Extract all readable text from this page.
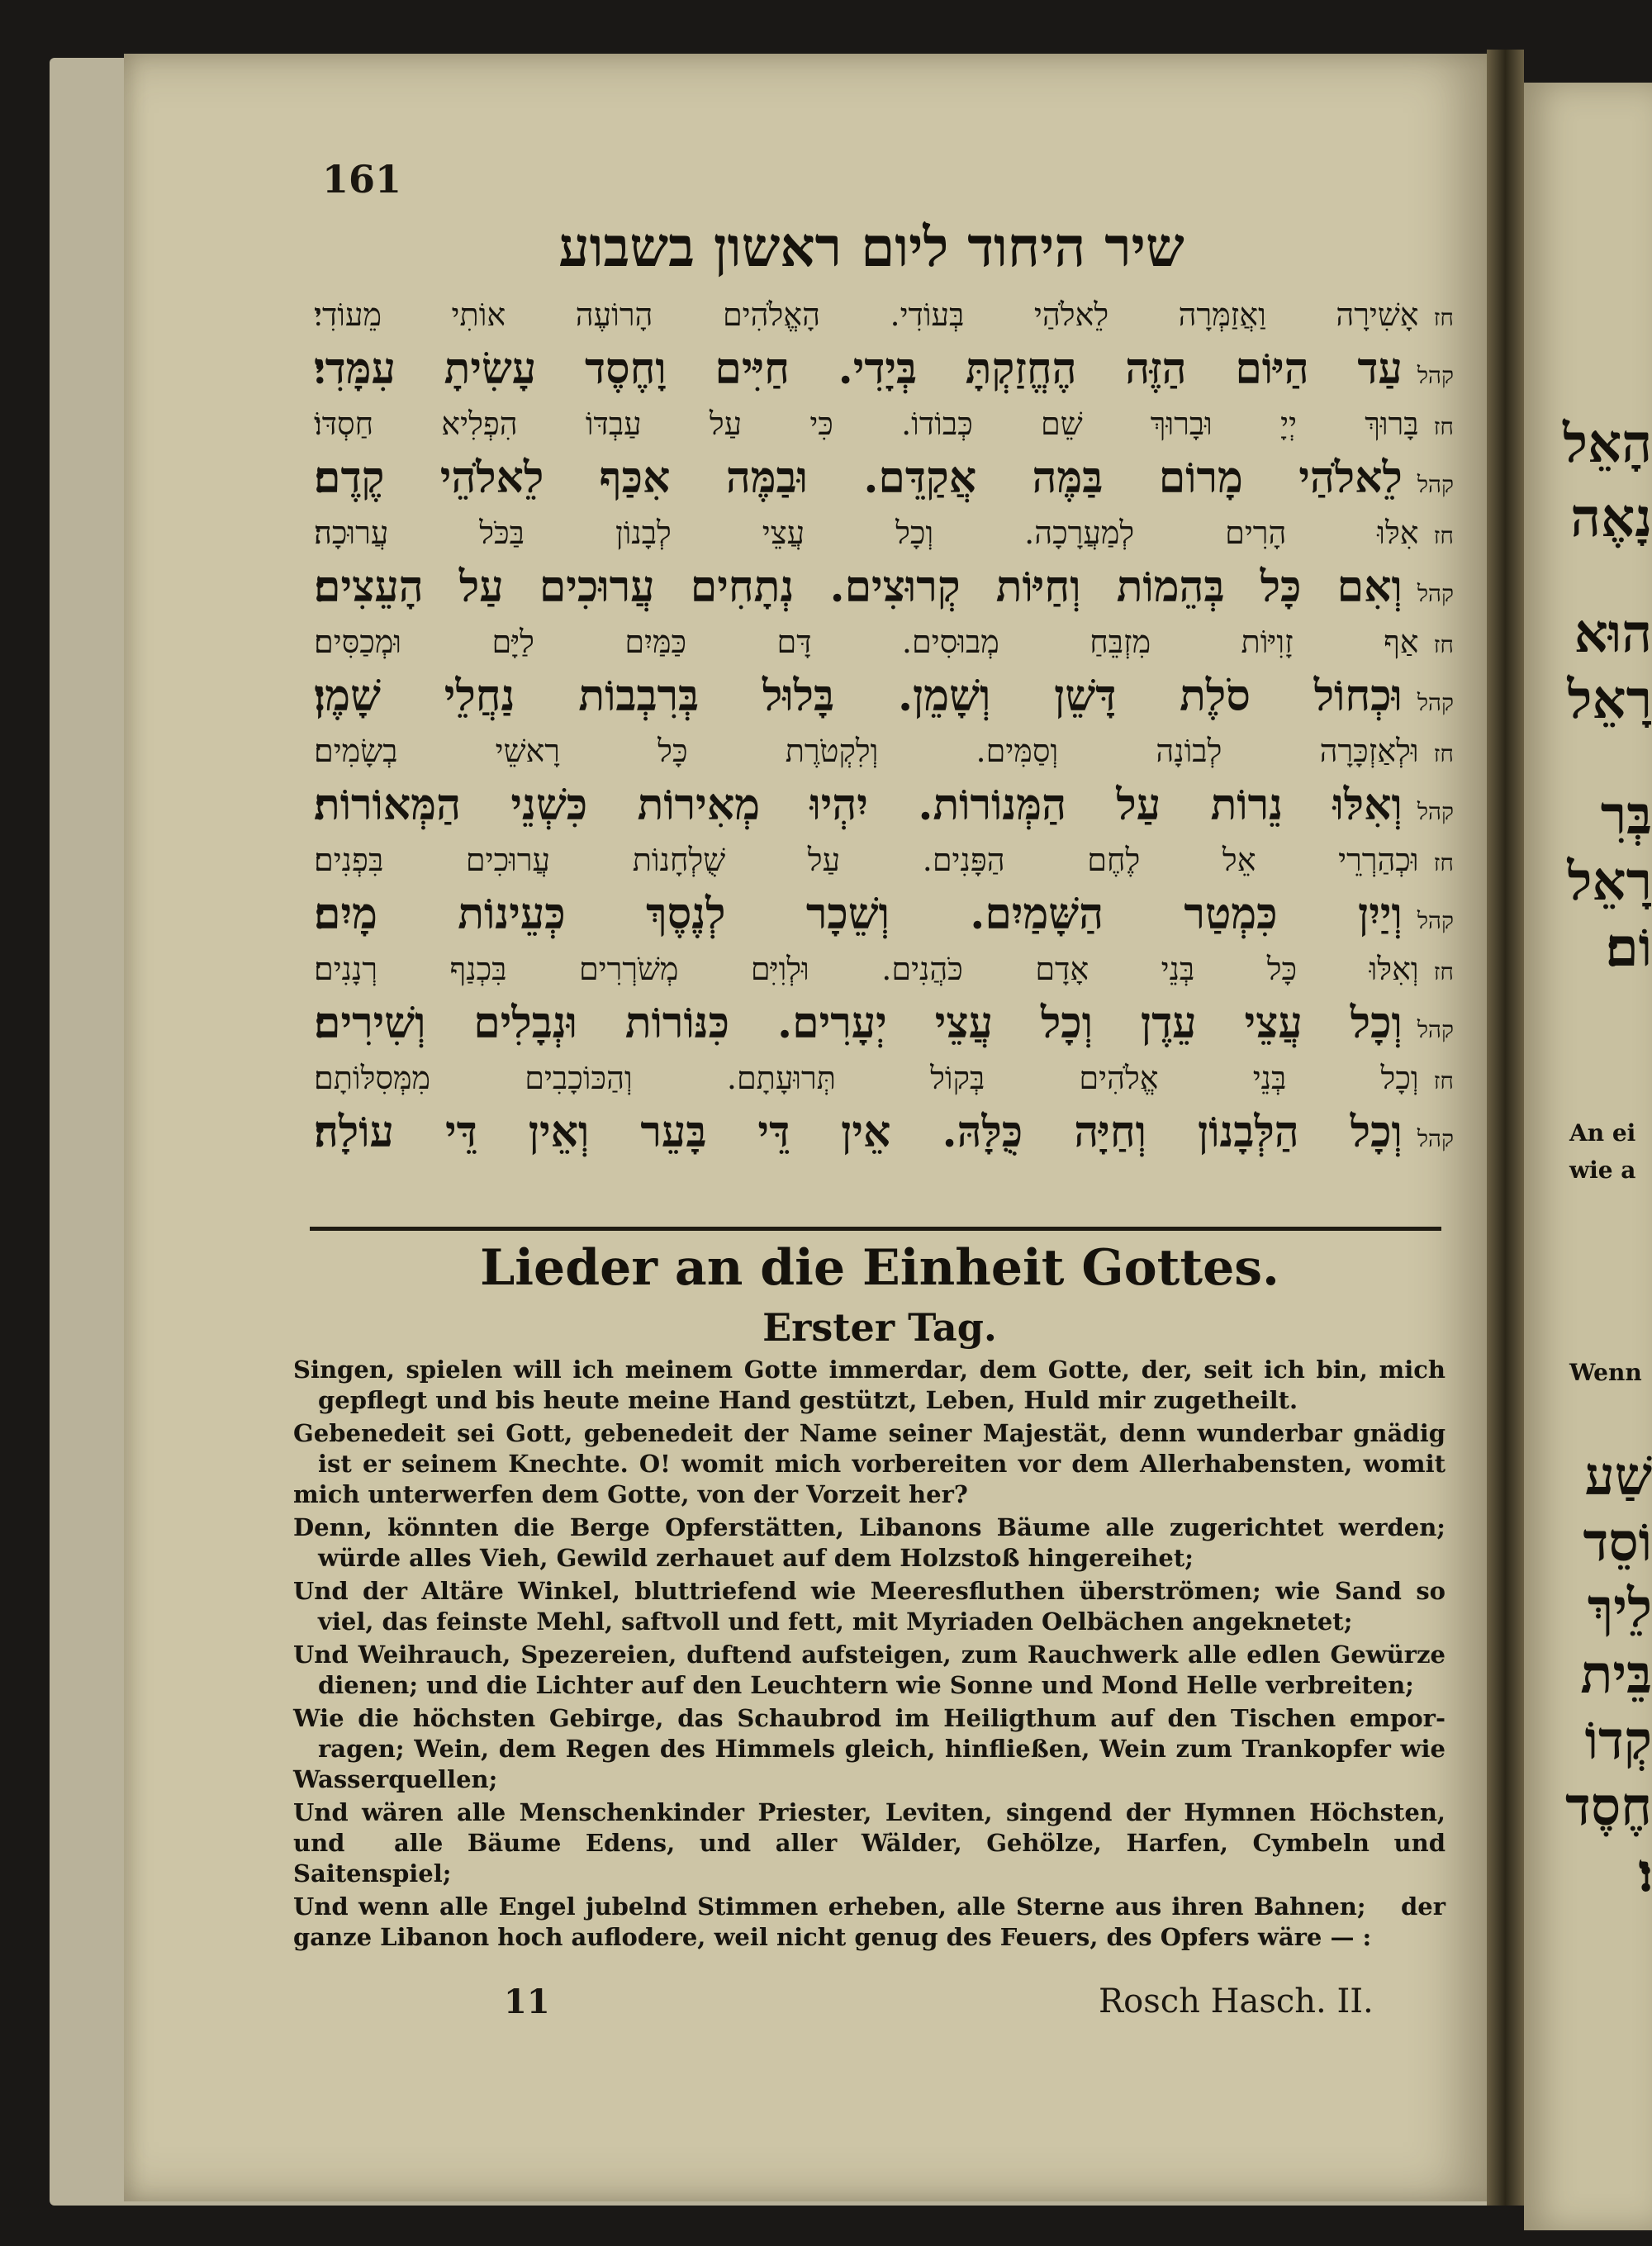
הָאֵל
נָאֶה
הוּא
רָאֵל
בְּרִ
רָאֵל
וֹם׃
An ei
wie a
Wenn
שַׁע
וֹסֵד
לֵיךְ
בֵּית
קְדוֹ
חֶסֶד
ו׃
161
שיר היחוד ליום ראשון בשבוע
חזאָשִׁירָה וַאֲזַמְּרָה לֵאלֹהַי בְּעוֹדִי. הָאֱלֹהִים הָרוֹעֶה אוֹתִי מֵעוֹדִי׃
קהלעַד הַיּוֹם הַזֶּה הֶחֱזַקְתָּ בְּיָדִי. חַיִּים וָחֶסֶד עָשִׂיתָ עִמָּדִי׃
חזבָּרוּךְ יְיָ וּבָרוּךְ שֵׁם כְּבוֹדוֹ. כִּי עַל עַבְדּוֹ הִפְלִיא חַסְדּוֹ׃
קהללֵאלֹהַי מָרוֹם בַּמֶּה אֲקַדֵּם. וּבַמֶּה אִכַּף לֵאלֹהֵי קֶדֶם׃
חזאִלּוּ הָרִים לְמַעֲרָכָה. וְכָל עֲצֵי לְבָנוֹן בַּכֹּל עֲרוּכָה׃
קהלוְאִם כָּל בְּהֵמוֹת וְחַיּוֹת קְרוּצִים. נְתָחִים עֲרוּכִים עַל הָעֵצִים׃
חזאַף זָוִיּוֹת מִזְבֵּחַ מְבוּסִים. דָּם כַּמַּיִם לַיָּם וּמְכַסִּים׃
קהלוּכְחוֹל סֹלֶת דָּשֵׁן וְשָׁמֵן. בָּלוּל בְּרִבְבוֹת נַחֲלֵי שָׁמֶן׃
חזוּלְאַזְכָּרָה לְבוֹנָה וְסַמִּים. וְלִקְטֹרֶת כָּל רָאשֵׁי בְשָׂמִים׃
קהלוְאִלּוּ נֵרוֹת עַל הַמְּנוֹרוֹת. יִהְיוּ מְאִירוֹת כִּשְׁנֵי הַמְּאוֹרוֹת׃
חזוּכְהַרְרֵי אֵל לֶחֶם הַפָּנִים. עַל שֻׁלְחָנוֹת עֲרוּכִים בִּפְנִים׃
קהלוְיַיִן כִּמְטַר הַשָּׁמַיִם. וְשֵׁכָר לְנֶסֶךְ כְּעֵינוֹת מָיִם׃
חזוְאִלּוּ כָּל בְּנֵי אָדָם כֹּהֲנִים. וּלְוִיִּם מְשֹׁרְרִים בִּכְנַף רְנָנִים׃
קהלוְכָל עֲצֵי עֵדֶן וְכָל עֲצֵי יְעָרִים. כִּנּוֹרוֹת וּנְבָלִים וְשִׁירִים׃
חזוְכָל בְּנֵי אֱלֹהִים בְּקוֹל תְּרוּעָתָם. וְהַכּוֹכָבִים מִמְּסִלּוֹתָם׃
קהלוְכָל הַלְּבָנוֹן וְחַיָּה כֻּלָּהּ. אֵין דֵּי בָּעֵר וְאֵין דֵּי עוֹלָה׃
Lieder an die Einheit Gottes.
Erster Tag.
Singen, spielen will ich meinem Gotte immerdar, dem Gotte, der, seit ich bin, mich gepflegt und bis heute meine Hand gestützt, Leben, Huld mir zugetheilt.
Gebenedeit sei Gott, gebenedeit der Name seiner Majestät, denn wunderbar gnädig ist er seinem Knechte. O! womit mich vorbereiten vor dem Allerhabensten, womit mich unterwerfen dem Gotte, von der Vorzeit her?
Denn, könnten die Berge Opferstätten, Libanons Bäume alle zugerichtet werden; würde alles Vieh, Gewild zerhauet auf dem Holzstoß hingereihet;
Und der Altäre Winkel, bluttriefend wie Meeresfluthen überströmen; wie Sand so viel, das feinste Mehl, saftvoll und fett, mit Myriaden Oelbächen angeknetet;
Und Weihrauch, Spezereien, duftend aufsteigen, zum Rauchwerk alle edlen Gewürze dienen; und die Lichter auf den Leuchtern wie Sonne und Mond Helle verbreiten;
Wie die höchsten Gebirge, das Schaubrod im Heiligthum auf den Tischen empor- ragen; Wein, dem Regen des Himmels gleich, hinfließen, Wein zum Trankopfer wie Wasserquellen;
Und wären alle Menschenkinder Priester, Leviten, singend der Hymnen Höchsten, und alle Bäume Edens, und aller Wälder, Gehölze, Harfen, Cymbeln und Saitenspiel;
Und wenn alle Engel jubelnd Stimmen erheben, alle Sterne aus ihren Bahnen; der ganze Libanon hoch auflodere, weil nicht genug des Feuers, des Opfers wäre — :
11	Rosch Hasch. II.
